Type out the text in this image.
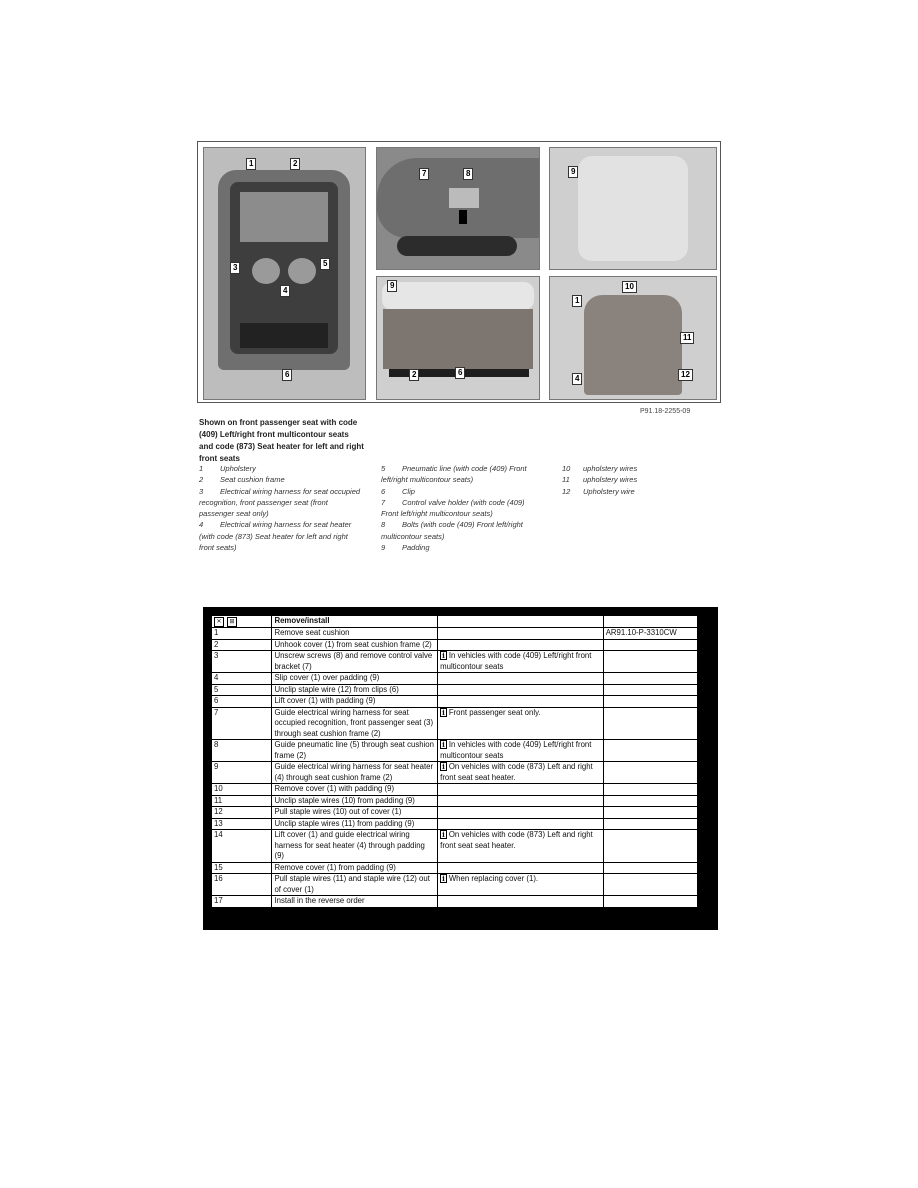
1	2
3
4
5
6
7	8
9
2	6
9
10
1
11
4	12
P91.18-2255-09
Shown on front passenger seat with code (409) Left/right front multicontour seats and code (873) Seat heater for left and right front seats
1 Upholstery
2 Seat cushion frame
3 Electrical wiring harness for seat occupied recognition, front passenger seat (front passenger seat only)
4 Electrical wiring harness for seat heater (with code (873) Seat heater for left and right front seats)
5 Pneumatic line (with code (409) Front left/right multicontour seats)
6 Clip
7 Control valve holder (with code (409) Front left/right multicontour seats)
8 Bolts (with code (409) Front left/right multicontour seats)
9 Padding
10 upholstery wires
11 upholstery wires
12 Upholstery wire
✕ ⊞	Remove/install		
1	Remove seat cushion		AR91.10-P-3310CW
2	Unhook cover (1) from seat cushion frame (2)		
3	Unscrew screws (8) and remove control valve bracket (7)	i In vehicles with code (409) Left/right front multicontour seats	
4	Slip cover (1) over padding (9)		
5	Unclip staple wire (12) from clips (6)		
6	Lift cover (1) with padding (9)		
7	Guide electrical wiring harness for seat occupied recognition, front passenger seat (3) through seat cushion frame (2)	i Front passenger seat only.	
8	Guide pneumatic line (5) through seat cushion frame (2)	i In vehicles with code (409) Left/right front multicontour seats	
9	Guide electrical wiring harness for seat heater (4) through seat cushion frame (2)	i On vehicles with code (873) Left and right front seat seat heater.	
10	Remove cover (1) with padding (9)		
11	Unclip staple wires (10) from padding (9)		
12	Pull staple wires (10) out of cover (1)		
13	Unclip staple wires (11) from padding (9)		
14	Lift cover (1) and guide electrical wiring harness for seat heater (4) through padding (9)	i On vehicles with code (873) Left and right front seat seat heater.	
15	Remove cover (1) from padding (9)		
16	Pull staple wires (11) and staple wire (12) out of cover (1)	i When replacing cover (1).	
17	Install in the reverse order		
